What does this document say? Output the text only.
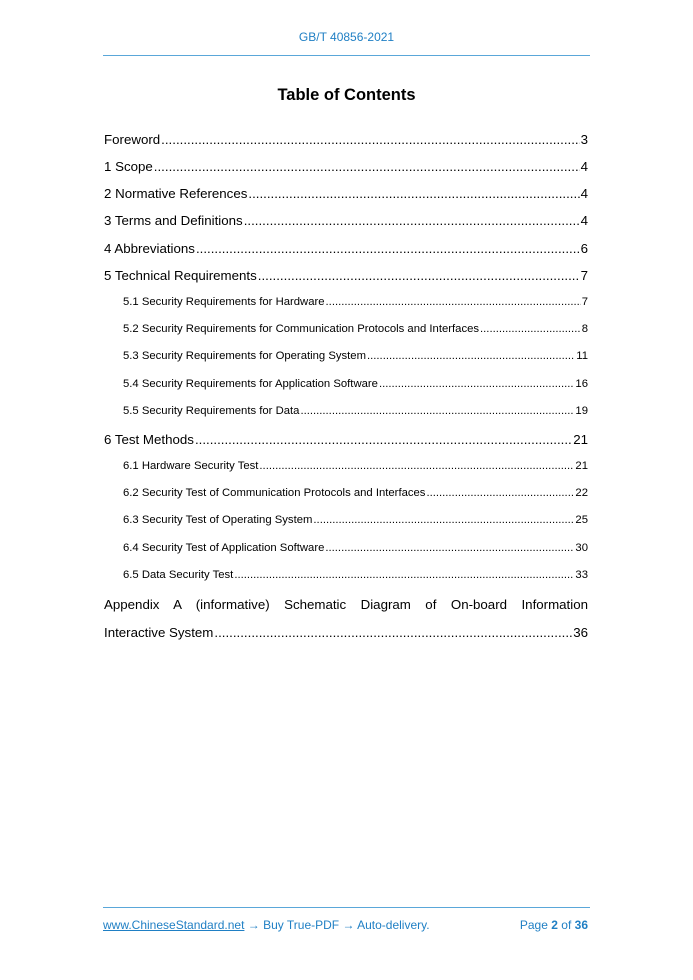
GB/T 40856-2021
Table of Contents
Foreword .....	3
1 Scope .....	4
2 Normative References .....	4
3 Terms and Definitions .....	4
4 Abbreviations .....	6
5 Technical Requirements .....	7
5.1 Security Requirements for Hardware .....	7
5.2 Security Requirements for Communication Protocols and Interfaces .....	8
5.3 Security Requirements for Operating System .....	11
5.4 Security Requirements for Application Software .....	16
5.5 Security Requirements for Data .....	19
6 Test Methods .....	21
6.1 Hardware Security Test .....	21
6.2 Security Test of Communication Protocols and Interfaces .....	22
6.3 Security Test of Operating System .....	25
6.4 Security Test of Application Software .....	30
6.5 Data Security Test .....	33
Appendix A (informative) Schematic Diagram of On-board Information
Interactive System .....	36
www.ChineseStandard.net → Buy True-PDF → Auto-delivery.	Page 2 of 36
